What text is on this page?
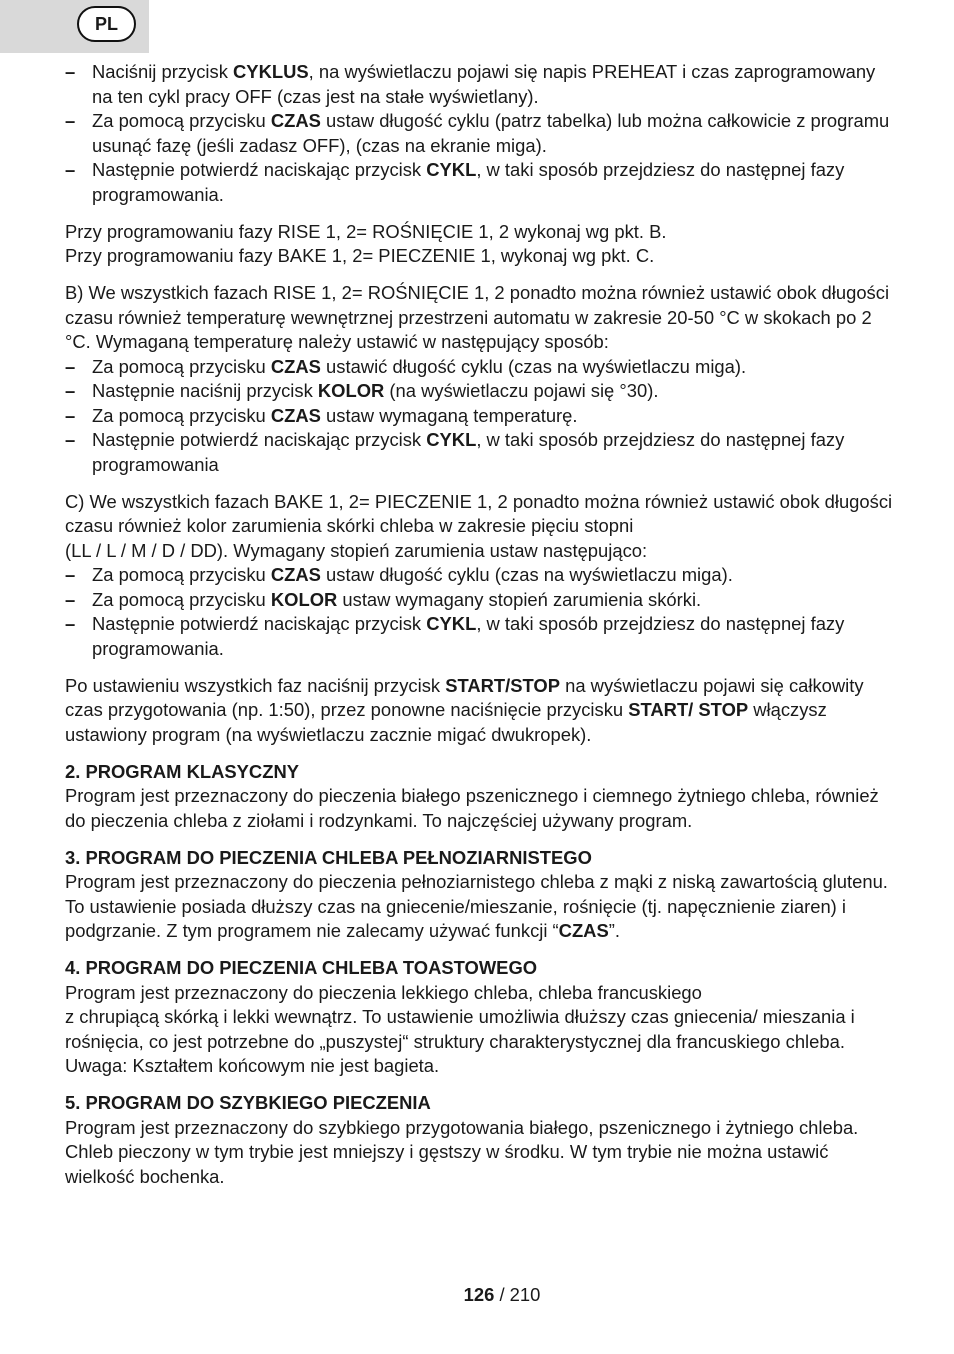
PL
– Naciśnij przycisk CYKLUS, na wyświetlaczu pojawi się napis PREHEAT i czas zaprogramowany na ten cykl pracy OFF (czas jest na stałe wyświetlany).
– Za pomocą przycisku CZAS ustaw długość cyklu (patrz tabelka) lub można całkowicie z programu usunąć fazę (jeśli zadasz OFF), (czas na ekranie miga).
– Następnie potwierdź naciskając przycisk CYKL, w taki sposób przejdziesz do następnej fazy programowania.

Przy programowaniu fazy RISE 1, 2= ROŚNIĘCIE 1, 2 wykonaj wg pkt. B.

Przy programowaniu fazy BAKE 1, 2= PIECZENIE 1, wykonaj wg pkt. C.

B) We wszystkich fazach RISE 1, 2= ROŚNIĘCIE 1, 2 ponadto można również ustawić obok długości czasu również temperaturę wewnętrznej przestrzeni automatu w zakresie 20-50 °C w skokach po 2 °C. Wymaganą temperaturę należy ustawić w następujący sposób:

– Za pomocą przycisku CZAS ustawić długość cyklu (czas na wyświetlaczu miga).
– Następnie naciśnij przycisk KOLOR (na wyświetlaczu pojawi się °30).
– Za pomocą przycisku CZAS ustaw wymaganą temperaturę.
– Następnie potwierdź naciskając przycisk CYKL, w taki sposób przejdziesz do następnej fazy programowania

C) We wszystkich fazach BAKE 1, 2= PIECZENIE 1, 2 ponadto można również ustawić obok długości czasu również kolor zarumienia skórki chleba w zakresie pięciu stopni

(LL / L / M / D / DD). Wymagany stopień zarumienia ustaw następująco:

– Za pomocą przycisku CZAS ustaw długość cyklu (czas na wyświetlaczu miga).
– Za pomocą przycisku KOLOR ustaw wymagany stopień zarumienia skórki.
– Następnie potwierdź naciskając przycisk CYKL, w taki sposób przejdziesz do następnej fazy programowania.

Po ustawieniu wszystkich faz naciśnij przycisk START/STOP na wyświetlaczu pojawi się całkowity czas przygotowania (np. 1:50), przez ponowne naciśnięcie przycisku START/ STOP włączysz ustawiony program (na wyświetlaczu zacznie migać dwukropek).

2. PROGRAM KLASYCZNY

Program jest przeznaczony do pieczenia białego pszenicznego i ciemnego żytniego chleba, również do pieczenia chleba z ziołami i rodzynkami. To najczęściej używany program.

3. PROGRAM DO PIECZENIA CHLEBA PEŁNOZIARNISTEGO

Program jest przeznaczony do pieczenia pełnoziarnistego chleba z mąki z niską zawartością glutenu. To ustawienie posiada dłuższy czas na gniecenie/mieszanie, rośnięcie (tj. napęcznienie ziaren) i podgrzanie. Z tym programem nie zalecamy używać funkcji “CZAS”.

4. PROGRAM DO PIECZENIA CHLEBA TOASTOWEGO

Program jest przeznaczony do pieczenia lekkiego chleba, chleba francuskiego

z chrupiącą skórką i lekki wewnątrz. To ustawienie umożliwia dłuższy czas gniecenia/ mieszania i rośnięcia, co jest potrzebne do „puszystej“ struktury charakterystycznej dla francuskiego chleba. Uwaga: Kształtem końcowym nie jest bagieta.

5. PROGRAM DO SZYBKIEGO PIECZENIA

Program jest przeznaczony do szybkiego przygotowania białego, pszenicznego i żytniego chleba. Chleb pieczony w tym trybie jest mniejszy i gęstszy w środku. W tym trybie nie można ustawić wielkość bochenka.

126 / 210
